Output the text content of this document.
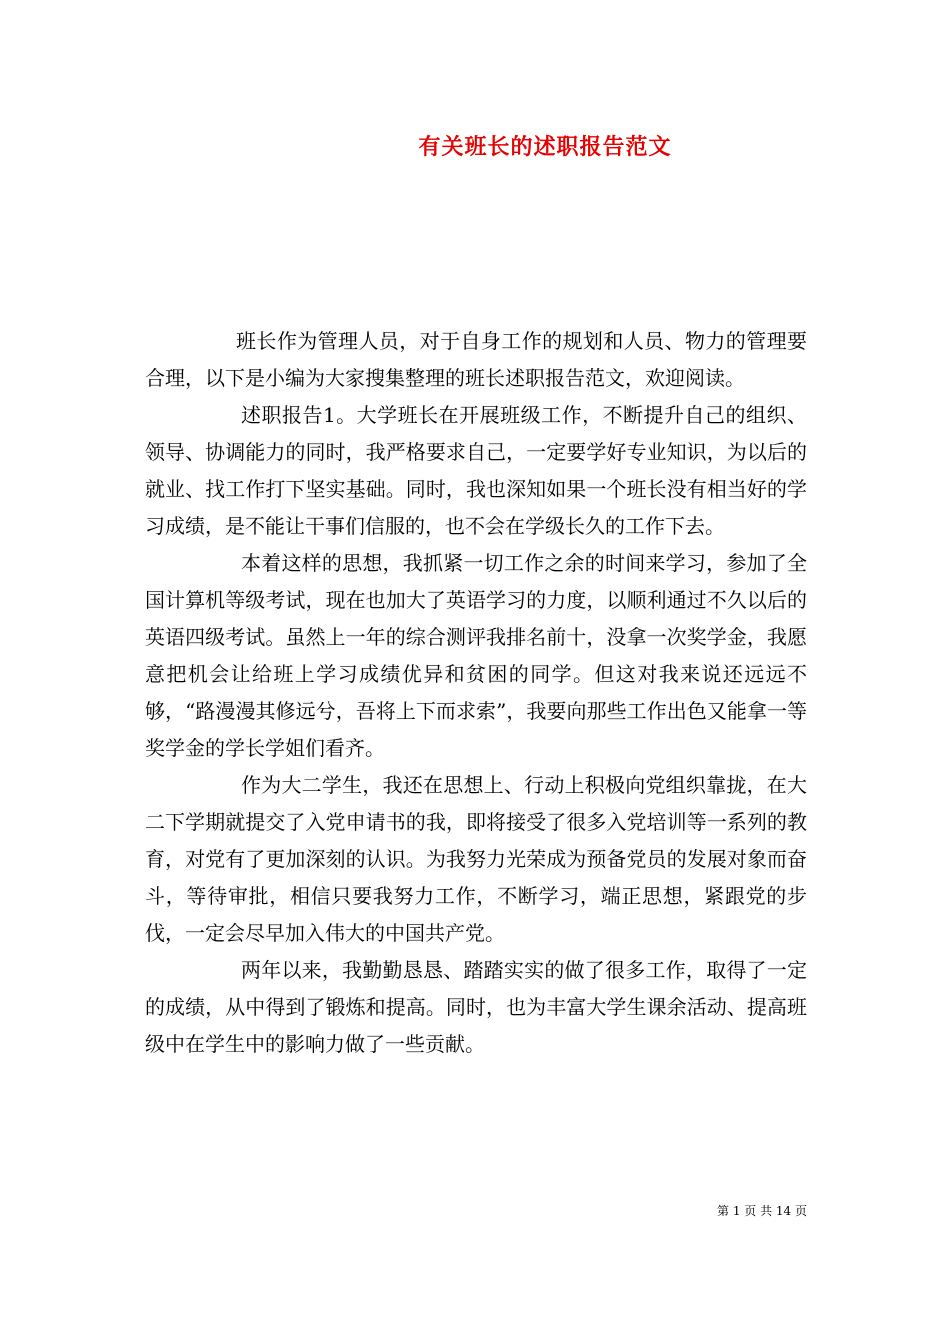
有关班长的述职报告范文

班长作为管理人员，对于自身工作的规划和人员、物力的管理要合理，以下是小编为大家搜集整理的班长述职报告范文，欢迎阅读。

述职报告1。大学班长在开展班级工作，不断提升自己的组织、领导、协调能力的同时，我严格要求自己，一定要学好专业知识，为以后的就业、找工作打下坚实基础。同时，我也深知如果一个班长没有相当好的学习成绩，是不能让干事们信服的，也不会在学级长久的工作下去。

本着这样的思想，我抓紧一切工作之余的时间来学习，参加了全国计算机等级考试，现在也加大了英语学习的力度，以顺利通过不久以后的英语四级考试。虽然上一年的综合测评我排名前十，没拿一次奖学金，我愿意把机会让给班上学习成绩优异和贫困的同学。但这对我来说还远远不够，“路漫漫其修远兮，吾将上下而求索”，我要向那些工作出色又能拿一等奖学金的学长学姐们看齐。

作为大二学生，我还在思想上、行动上积极向党组织靠拢，在大二下学期就提交了入党申请书的我，即将接受了很多入党培训等一系列的教育，对党有了更加深刻的认识。为我努力光荣成为预备党员的发展对象而奋斗，等待审批，相信只要我努力工作，不断学习，端正思想，紧跟党的步伐，一定会尽早加入伟大的中国共产党。

两年以来，我勤勤恳恳、踏踏实实的做了很多工作，取得了一定的成绩，从中得到了锻炼和提高。同时，也为丰富大学生课余活动、提高班级中在学生中的影响力做了一些贡献。

第 1 页 共 14 页
